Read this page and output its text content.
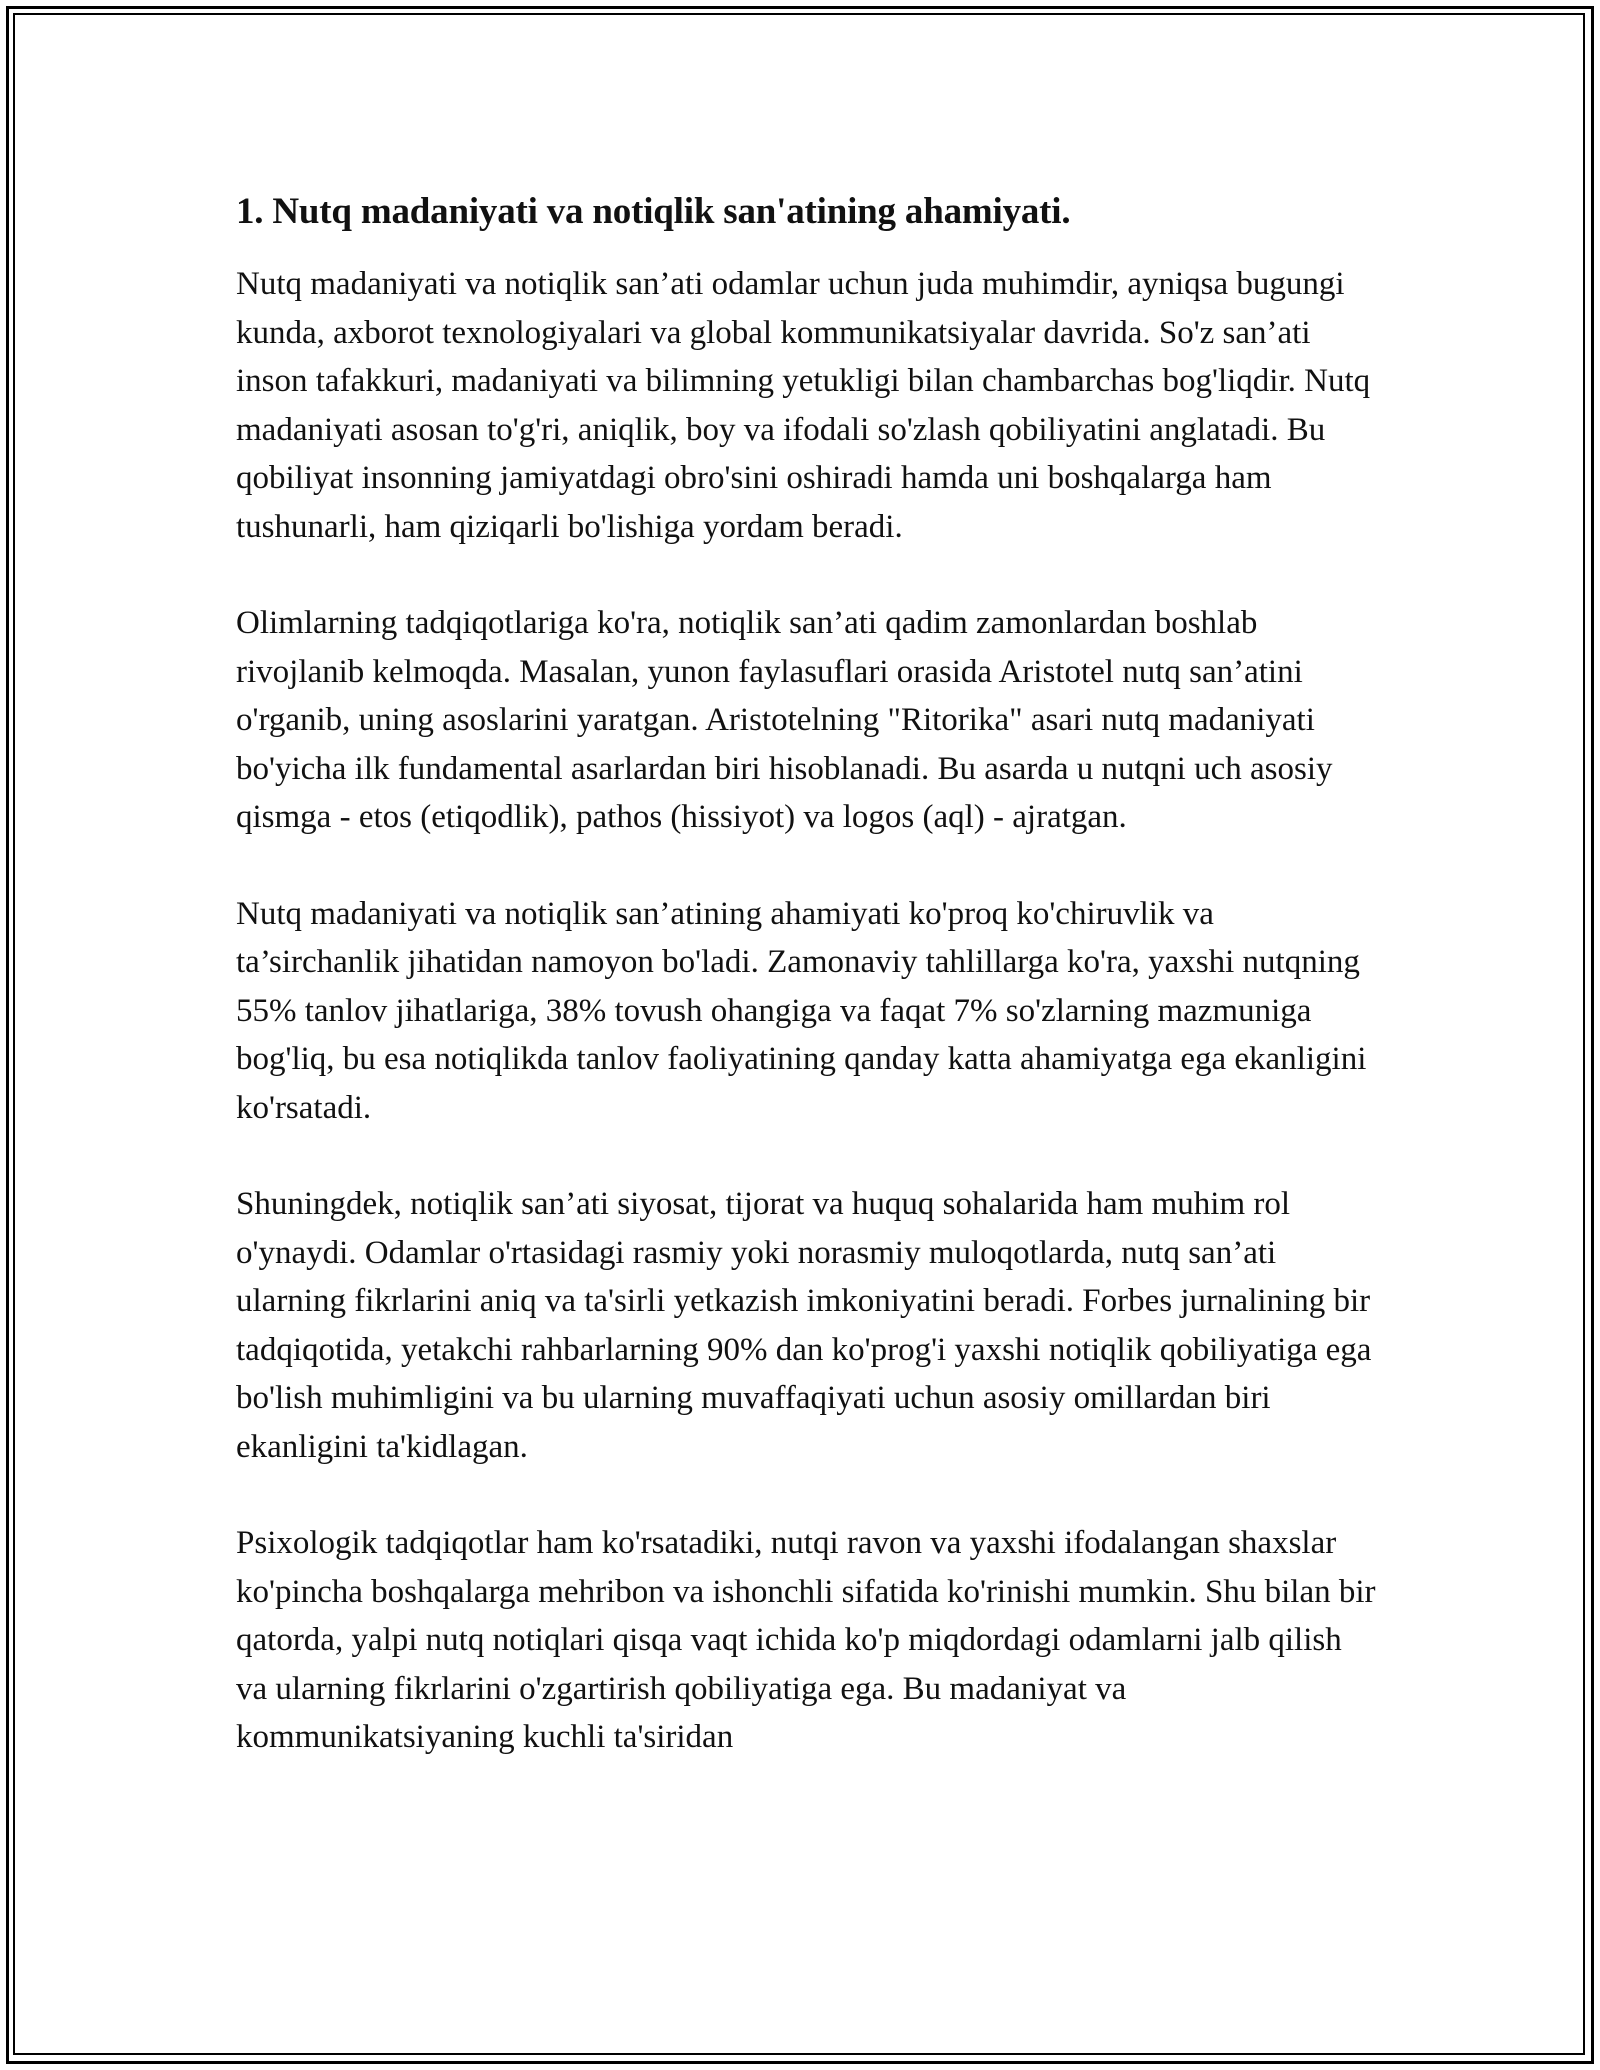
1. Nutq madaniyati va notiqlik san'atining ahamiyati.

Nutq madaniyati va notiqlik san’ati odamlar uchun juda muhimdir, ayniqsa bugungi kunda, axborot texnologiyalari va global kommunikatsiyalar davrida. So'z san’ati inson tafakkuri, madaniyati va bilimning yetukligi bilan chambarchas bog'liqdir. Nutq madaniyati asosan to'g'ri, aniqlik, boy va ifodali so'zlash qobiliyatini anglatadi. Bu qobiliyat insonning jamiyatdagi obro'sini oshiradi hamda uni boshqalarga ham tushunarli, ham qiziqarli bo'lishiga yordam beradi.

Olimlarning tadqiqotlariga ko'ra, notiqlik san’ati qadim zamonlardan boshlab rivojlanib kelmoqda. Masalan, yunon faylasuflari orasida Aristotel nutq san’atini o'rganib, uning asoslarini yaratgan. Aristotelning "Ritorika" asari nutq madaniyati bo'yicha ilk fundamental asarlardan biri hisoblanadi. Bu asarda u nutqni uch asosiy qismga - etos (etiqodlik), pathos (hissiyot) va logos (aql) - ajratgan.

Nutq madaniyati va notiqlik san’atining ahamiyati ko'proq ko'chiruvlik va ta’sirchanlik jihatidan namoyon bo'ladi. Zamonaviy tahlillarga ko'ra, yaxshi nutqning 55% tanlov jihatlariga, 38% tovush ohangiga va faqat 7% so'zlarning mazmuniga bog'liq, bu esa notiqlikda tanlov faoliyatining qanday katta ahamiyatga ega ekanligini ko'rsatadi.

Shuningdek, notiqlik san’ati siyosat, tijorat va huquq sohalarida ham muhim rol o'ynaydi. Odamlar o'rtasidagi rasmiy yoki norasmiy muloqotlarda, nutq san’ati ularning fikrlarini aniq va ta'sirli yetkazish imkoniyatini beradi. Forbes jurnalining bir tadqiqotida, yetakchi rahbarlarning 90% dan ko'prog'i yaxshi notiqlik qobiliyatiga ega bo'lish muhimligini va bu ularning muvaffaqiyati uchun asosiy omillardan biri ekanligini ta'kidlagan.

Psixologik tadqiqotlar ham ko'rsatadiki, nutqi ravon va yaxshi ifodalangan shaxslar ko'pincha boshqalarga mehribon va ishonchli sifatida ko'rinishi mumkin. Shu bilan bir qatorda, yalpi nutq notiqlari qisqa vaqt ichida ko'p miqdordagi odamlarni jalb qilish va ularning fikrlarini o'zgartirish qobiliyatiga ega. Bu madaniyat va kommunikatsiyaning kuchli ta'siridan
